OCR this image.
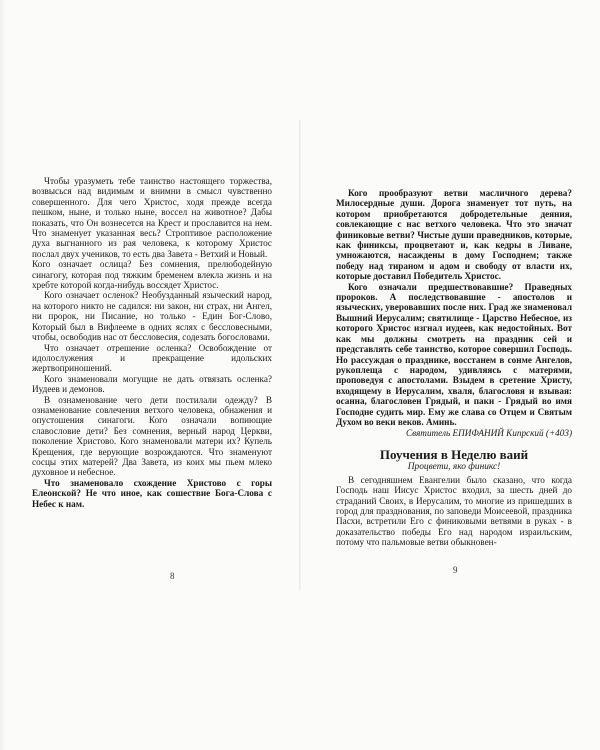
Чтобы уразуметь тебе таинство настоящего торжества, возвысься над видимым и внимни в смысл чувственно совершенного. Для чего Христос, ходя прежде всегда пешком, ныне, и только ныне, воссел на животное? Дабы показать, что Он вознесется на Крест и прославится на нем. Что знаменует указанная весь? Строптивое расположение духа выгнанного из рая человека, к которому Христос послал двух учеников, то есть два Завета - Ветхий и Новый.

Кого означает ослица? Без сомнения, прелюбодейную синагогу, которая под тяжким бременем влекла жизнь и на хребте которой когда-нибудь воссядет Христос.

Кого означает осленок? Необузданный языческий народ, на которого никто не садился: ни закон, ни страх, ни Ангел, ни пророк, ни Писание, но только - Един Бог-Слово, Который был в Вифлееме в одних яслях с бессловесными, чтобы, освободив нас от бессловесия, содезать богословами.

Что означает отрешение осленка? Освобождение от идолослужения и прекращение идольских жертвоприношений.

Кого знаменовали могущие не дать отвязать осленка? Иудеев и демонов.

В ознаменование чего дети постилали одежду? В ознаменование совлечения ветхого человека, обнажения и опустошения синагоги. Кого означали вопиющие славословие дети? Без сомнения, верный народ Церкви, поколение Христово. Кого знаменовали матери их? Купель Крещения, где верующие возрождаются. Что знаменуют сосцы этих матерей? Два Завета, из коих мы пьем млеко духовное и небесное.

Что знаменовало схождение Христово с горы Елеонской? Не что иное, как сошествие Бога-Слова с Небес к нам.

8

Кого прообразуют ветви масличного дерева? Милосердные души. Дорога знаменует тот путь, на котором приобретаются добродетельные деяния, совлекающие с нас ветхого человека. Что это значат финиковые ветви? Чистые души праведников, которые, как финиксы, процветают и, как кедры в Ливане, умножаются, насаждены в дому Господнем; также победу над тираном и адом и свободу от власти их, которые доставил Победитель Христос.

Кого означали предшествовавшие? Праведных пророков. А последствовавшие - апостолов и языческих, уверовавших после них. Град же знаменовал Вышний Иерусалим; святилище - Царство Небесное, из которого Христос изгнал иудеев, как недостойных. Вот как мы должны смотреть на праздник сей и представлять себе таинство, которое совершил Господь. Но рассуждая о празднике, восстанем в сонме Ангелов, рукоплеща с народом, удивляясь с матерями, проповедуя с апостолами. Взыдем в сретение Христу, входящему в Иерусалим, хваля, благословя и взывая: осанна, благословен Грядый, и паки - Грядый во имя Господне судить мир. Ему же слава со Отцем и Святым Духом во веки веков. Аминь.

Святитель ЕПИФАНИЙ Кипрский (+403)
Поучения в Неделю ваий
Процвети, яко финикс!

В сегодняшнем Евангелии было сказано, что когда Господь наш Иисус Христос входил, за шесть дней до страданий Своих, в Иерусалим, то многие из пришедших в город для празднования, по заповеди Моисеевой, праздника Пасхи, встретили Его с финиковыми ветвями в руках - в доказательство победы Его над народом израильским, потому что пальмовые ветви обыкновен-

9
